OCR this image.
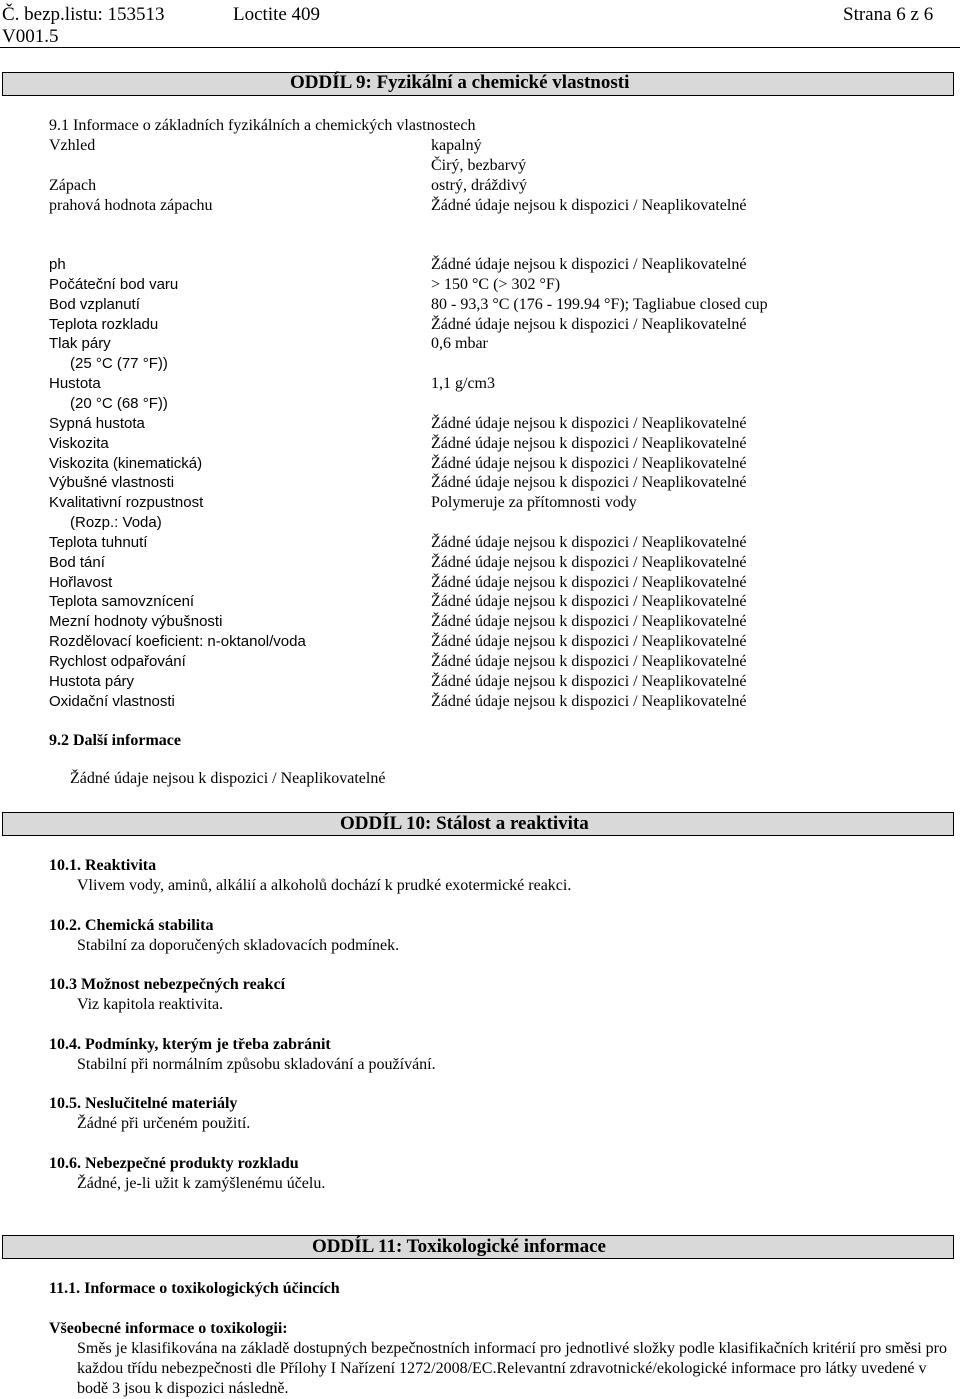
Č. bezp.listu: 153513	Loctite 409	Strana 6 z 6
V001.5
ODDÍL 9: Fyzikální a chemické vlastnosti
9.1 Informace o základních fyzikálních a chemických vlastnostech
Vzhled	kapalný
Čirý, bezbarvý
Zápach	ostrý, dráždivý
prahová hodnota zápachu	Žádné údaje nejsou k dispozici / Neaplikovatelné
ph	Žádné údaje nejsou k dispozici / Neaplikovatelné
Počáteční bod varu	> 150 °C (> 302 °F)
Bod vzplanutí	80 - 93,3 °C (176 - 199.94 °F); Tagliabue closed cup
Teplota rozkladu	Žádné údaje nejsou k dispozici / Neaplikovatelné
Tlak páry	0,6 mbar
(25 °C (77 °F))
Hustota	1,1 g/cm3
(20 °C (68 °F))
Sypná hustota	Žádné údaje nejsou k dispozici / Neaplikovatelné
Viskozita	Žádné údaje nejsou k dispozici / Neaplikovatelné
Viskozita (kinematická)	Žádné údaje nejsou k dispozici / Neaplikovatelné
Výbušné vlastnosti	Žádné údaje nejsou k dispozici / Neaplikovatelné
Kvalitativní rozpustnost	Polymeruje za přítomnosti vody
(Rozp.: Voda)
Teplota tuhnutí	Žádné údaje nejsou k dispozici / Neaplikovatelné
Bod tání	Žádné údaje nejsou k dispozici / Neaplikovatelné
Hořlavost	Žádné údaje nejsou k dispozici / Neaplikovatelné
Teplota samovznícení	Žádné údaje nejsou k dispozici / Neaplikovatelné
Mezní hodnoty výbušnosti	Žádné údaje nejsou k dispozici / Neaplikovatelné
Rozdělovací koeficient: n-oktanol/voda	Žádné údaje nejsou k dispozici / Neaplikovatelné
Rychlost odpařování	Žádné údaje nejsou k dispozici / Neaplikovatelné
Hustota páry	Žádné údaje nejsou k dispozici / Neaplikovatelné
Oxidační vlastnosti	Žádné údaje nejsou k dispozici / Neaplikovatelné
9.2 Další informace
Žádné údaje nejsou k dispozici / Neaplikovatelné
ODDÍL 10: Stálost a reaktivita
10.1. Reaktivita
Vlivem vody, aminů, alkálií a alkoholů dochází k prudké exotermické reakci.
10.2. Chemická stabilita
Stabilní za doporučených skladovacích podmínek.
10.3 Možnost nebezpečných reakcí
Viz kapitola reaktivita.
10.4. Podmínky, kterým je třeba zabránit
Stabilní při normálním způsobu skladování a používání.
10.5. Neslučitelné materiály
Žádné při určeném použití.
10.6. Nebezpečné produkty rozkladu
Žádné, je-li užit k zamýšlenému účelu.
ODDÍL 11: Toxikologické informace
11.1. Informace o toxikologických účincích
Všeobecné informace o toxikologii:
Směs je klasifikována na základě dostupných bezpečnostních informací pro jednotlivé složky podle klasifikačních kritérií pro směsi pro každou třídu nebezpečnosti dle Přílohy I Nařízení 1272/2008/EC.Relevantní zdravotnické/ekologické informace pro látky uvedené v bodě 3 jsou k dispozici následně.
